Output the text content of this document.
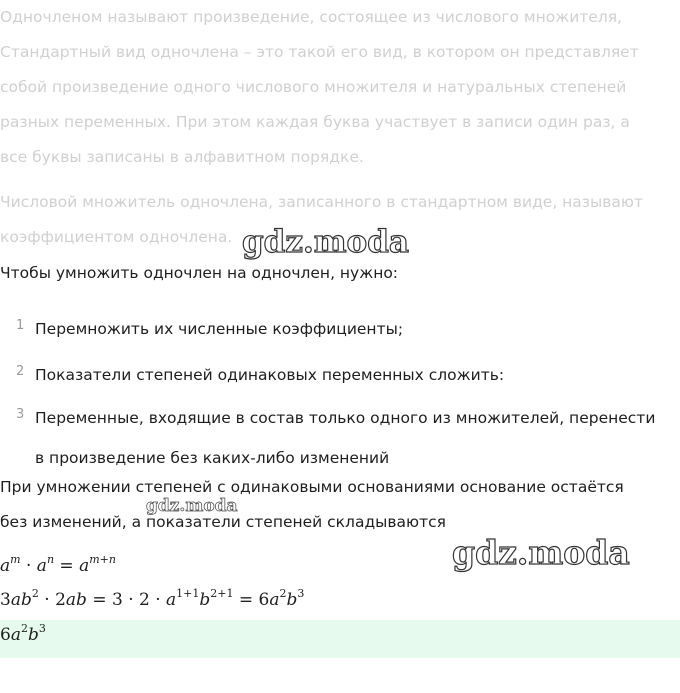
Одночленом называют произведение, состоящее из числового множителя,
Стандартный вид одночлена – это такой его вид, в котором он представляет
собой произведение одного числового множителя и натуральных степеней
разных переменных. При этом каждая буква участвует в записи один раз, а
все буквы записаны в алфавитном порядке.
Числовой множитель одночлена, записанного в стандартном виде, называют
коэффициентом одночлена.
Чтобы умножить одночлен на одночлен, нужно:
1 Перемножить их численные коэффициенты;
2 Показатели степеней одинаковых переменных сложить:
3 Переменные, входящие в состав только одного из множителей, перенести
в произведение без каких-либо изменений
При умножении степеней с одинаковыми основаниями основание остаётся
без изменений, а показатели степеней складываются
$a^m \cdot a^n = a^{m+n}$
$3ab^2 \cdot 2ab = 3 \cdot 2 \cdot a^{1+1}b^{2+1} = 6a^2b^3$
$6a^2b^3$
gdz.moda
gdz.moda
gdz.moda
